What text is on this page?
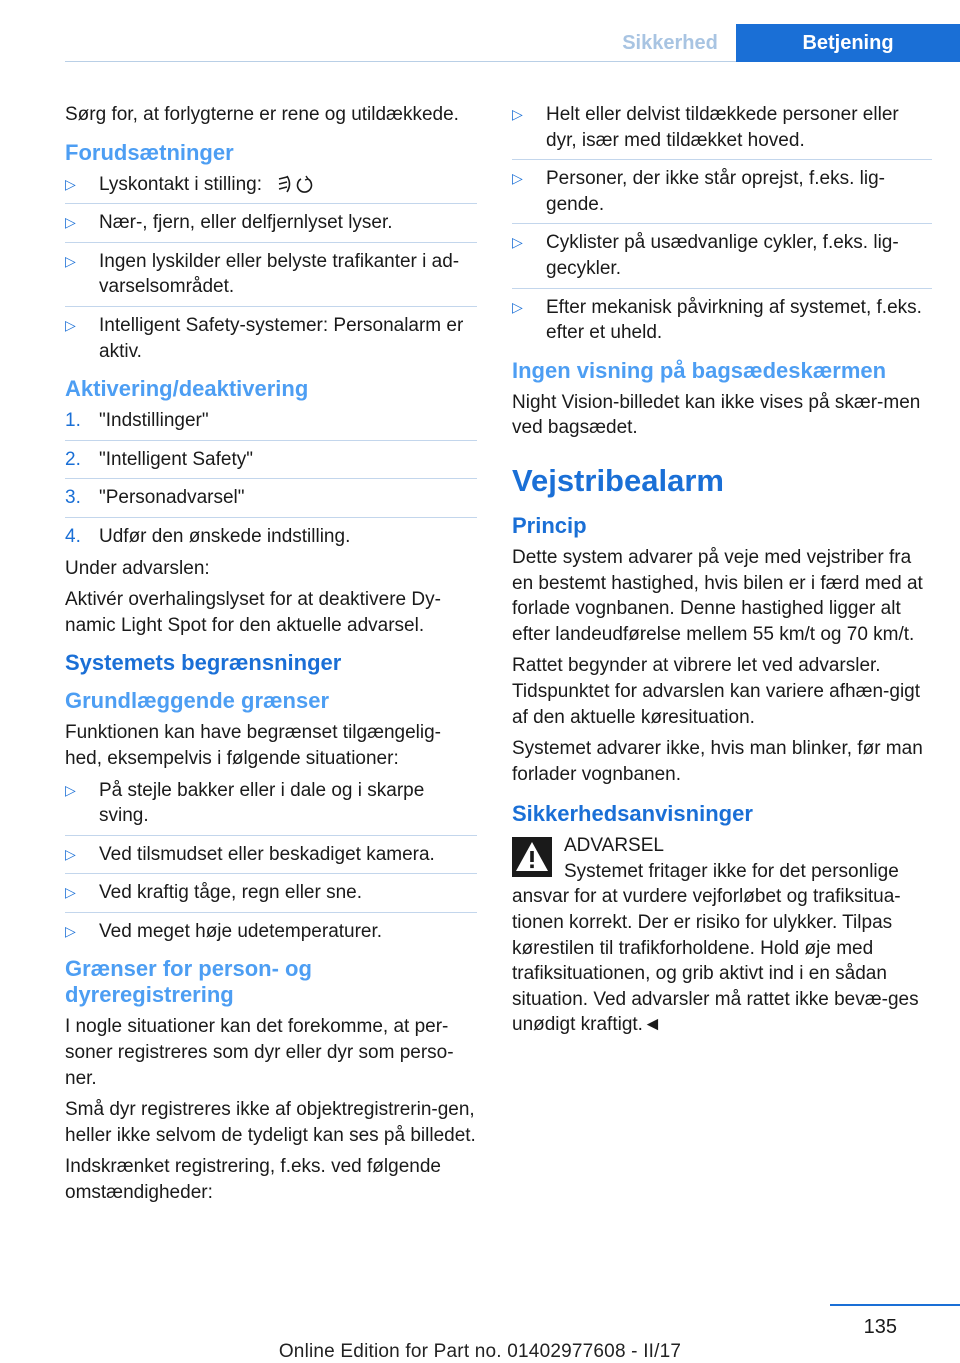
Sikkerhed	Betjening

Sørg for, at forlygterne er rene og utildækkede.

Forudsætninger
▷ Lyskontakt i stilling:
▷ Nær-, fjern, eller delfjernlyset lyser.
▷ Ingen lyskilder eller belyste trafikanter i ad‐varselsområdet.
▷ Intelligent Safety-systemer: Personalarm er aktiv.
Aktivering/deaktivering
1. "Indstillinger"
2. "Intelligent Safety"
3. "Personadvarsel"
4. Udfør den ønskede indstilling.

Under advarslen:

Aktivér overhalingslyset for at deaktivere Dy‐namic Light Spot for den aktuelle advarsel.

Systemets begrænsninger
Grundlæggende grænser

Funktionen kan have begrænset tilgængelig‐hed, eksempelvis i følgende situationer:

▷ På stejle bakker eller i dale og i skarpe sving.
▷ Ved tilsmudset eller beskadiget kamera.
▷ Ved kraftig tåge, regn eller sne.
▷ Ved meget høje udetemperaturer.
Grænser for person- og dyreregistrering

I nogle situationer kan det forekomme, at per‐soner registreres som dyr eller dyr som perso‐ner.

Små dyr registreres ikke af objektregistrerin‐gen, heller ikke selvom de tydeligt kan ses på billedet.

Indskrænket registrering, f.eks. ved følgende omstændigheder:

▷ Helt eller delvist tildækkede personer eller dyr, især med tildækket hoved.
▷ Personer, der ikke står oprejst, f.eks. lig‐gende.
▷ Cyklister på usædvanlige cykler, f.eks. lig‐gecykler.
▷ Efter mekanisk påvirkning af systemet, f.eks. efter et uheld.
Ingen visning på bagsædeskærmen

Night Vision-billedet kan ikke vises på skær‐men ved bagsædet.

Vejstribealarm
Princip

Dette system advarer på veje med vejstriber fra en bestemt hastighed, hvis bilen er i færd med at forlade vognbanen. Denne hastighed ligger alt efter landeudførelse mellem 55 km/t og 70 km/t.

Rattet begynder at vibrere let ved advarsler. Tidspunktet for advarslen kan variere afhæn‐gigt af den aktuelle køresituation.

Systemet advarer ikke, hvis man blinker, før man forlader vognbanen.

Sikkerhedsanvisninger
ADVARSEL
Systemet fritager ikke for det personlige ansvar for at vurdere vejforløbet og trafiksitua‐tionen korrekt. Der er risiko for ulykker. Tilpas kørestilen til trafikforholdene. Hold øje med trafiksituationen, og grib aktivt ind i en sådan situation. Ved advarsler må rattet ikke bevæ‐ges unødigt kraftigt.◄
135
Online Edition for Part no. 01402977608 - II/17
